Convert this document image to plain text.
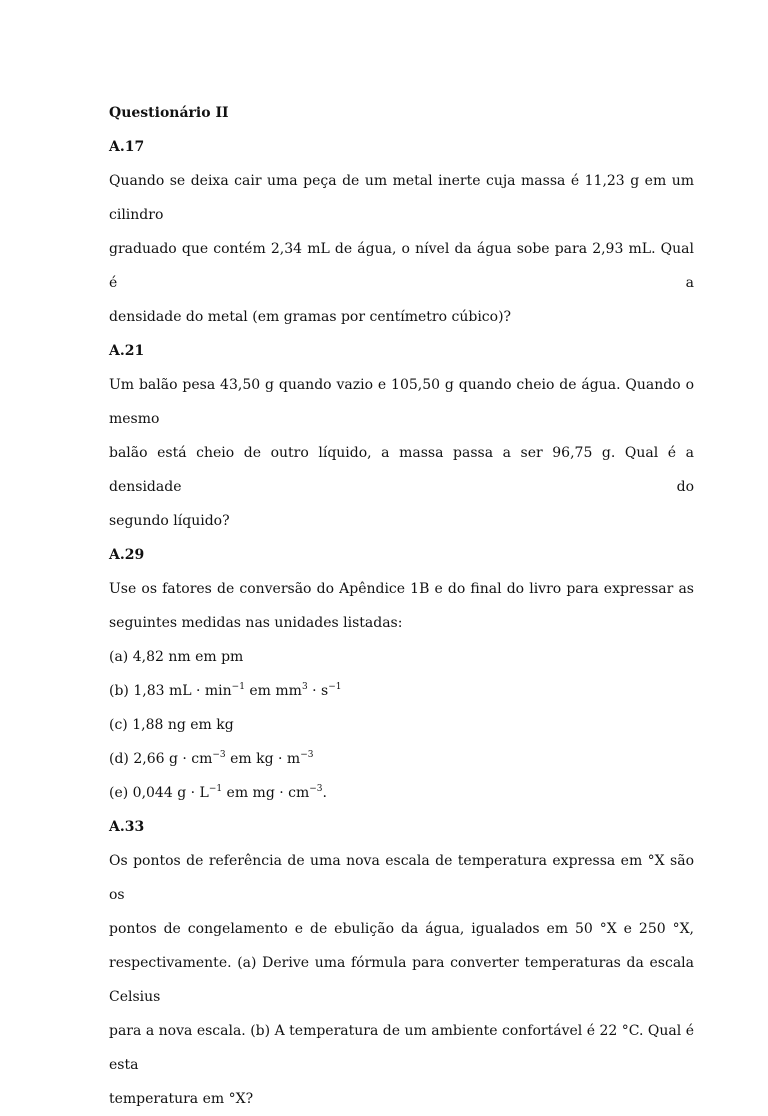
Questionário II

A.17

Quando se deixa cair uma peça de um metal inerte cuja massa é 11,23 g em um cilindro

graduado que contém 2,34 mL de água, o nível da água sobe para 2,93 mL. Qual é a

densidade do metal (em gramas por centímetro cúbico)?

A.21

Um balão pesa 43,50 g quando vazio e 105,50 g quando cheio de água. Quando o mesmo

balão está cheio de outro líquido, a massa passa a ser 96,75 g. Qual é a densidade do

segundo líquido?

A.29

Use os fatores de conversão do Apêndice 1B e do final do livro para expressar as

seguintes medidas nas unidades listadas:

(a) 4,82 nm em pm

(b) 1,83 mL · $\min^{-1}$ em $mm^3 \cdot s^{-1}$

(c) 1,88 ng em kg

(d) 2,66 $g \cdot cm^{-3}$ em kg · $m^{-3}$

(e) 0,044 $g \cdot L^{-1}$ em mg · $cm^{-3}$.

A.33

Os pontos de referência de uma nova escala de temperatura expressa em °X são os

pontos de congelamento e de ebulição da água, igualados em 50 °X e 250 °X,

respectivamente. (a) Derive uma fórmula para converter temperaturas da escala Celsius

para a nova escala. (b) A temperatura de um ambiente confortável é 22 °C. Qual é esta

temperatura em °X?
